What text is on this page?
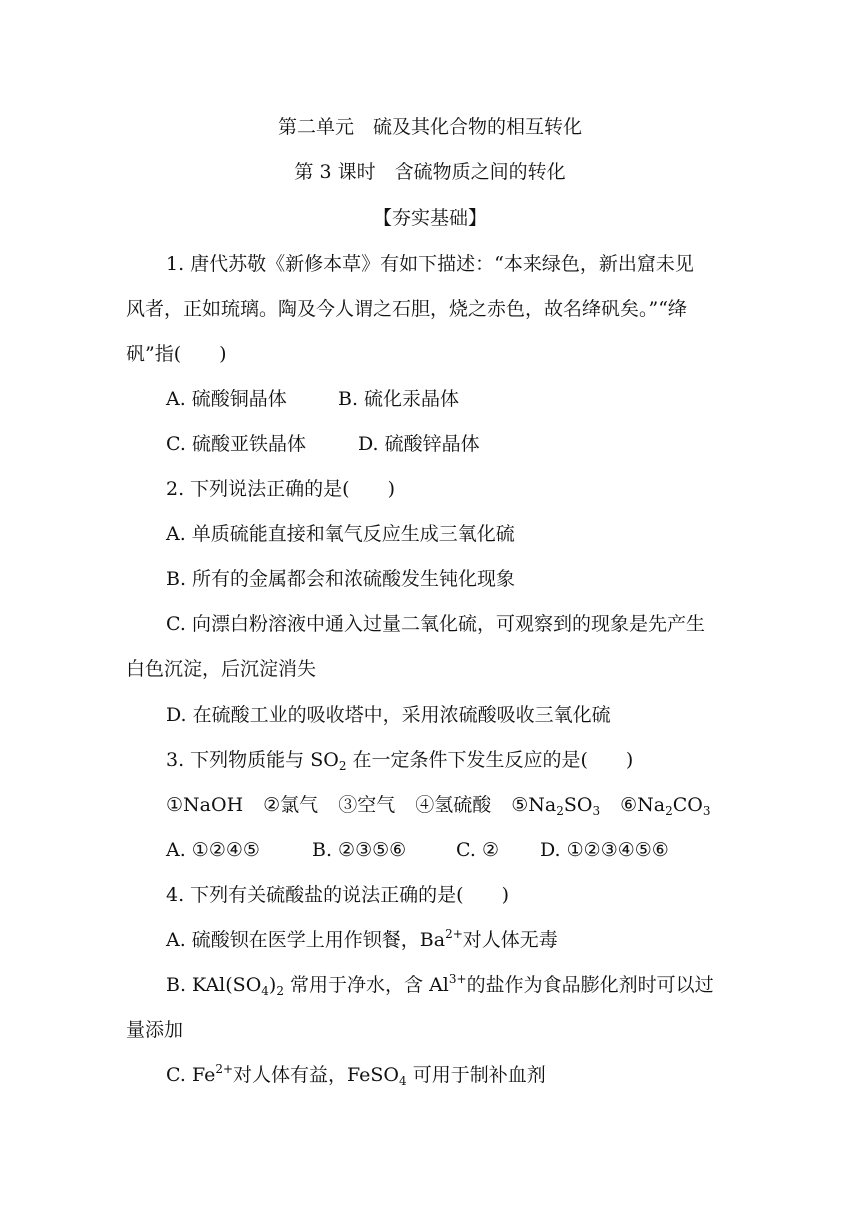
第二单元　硫及其化合物的相互转化
第 3 课时　含硫物质之间的转化
【夯实基础】
1. 唐代苏敬《新修本草》有如下描述：“本来绿色，新出窟未见
风者，正如琉璃。陶及今人谓之石胆，烧之赤色，故名绛矾矣。”“绛
矾”指(　　)
A. 硫酸铜晶体	B. 硫化汞晶体
C. 硫酸亚铁晶体	D. 硫酸锌晶体
2. 下列说法正确的是(　　)
A. 单质硫能直接和氧气反应生成三氧化硫
B. 所有的金属都会和浓硫酸发生钝化现象
C. 向漂白粉溶液中通入过量二氧化硫，可观察到的现象是先产生
白色沉淀，后沉淀消失
D. 在硫酸工业的吸收塔中，采用浓硫酸吸收三氧化硫
3. 下列物质能与 $SO_2$ 在一定条件下发生反应的是(　　)
①NaOH ②氯气 ③空气 ④氢硫酸 $⑤Na_2SO_3$ $⑥Na_2CO_3$
A. ①②④⑤	B. ②③⑤⑥	C. ② D. ①②③④⑤⑥
4. 下列有关硫酸盐的说法正确的是(　　)
A. 硫酸钡在医学上用作钡餐，$Ba^{2+}$对人体无毒
B. $KAl(SO_4)_2$ 常用于净水，含 $Al^{3+}$的盐作为食品膨化剂时可以过
量添加
C. $Fe^{2+}$对人体有益，FeSO$_4$ 可用于制补血剂
